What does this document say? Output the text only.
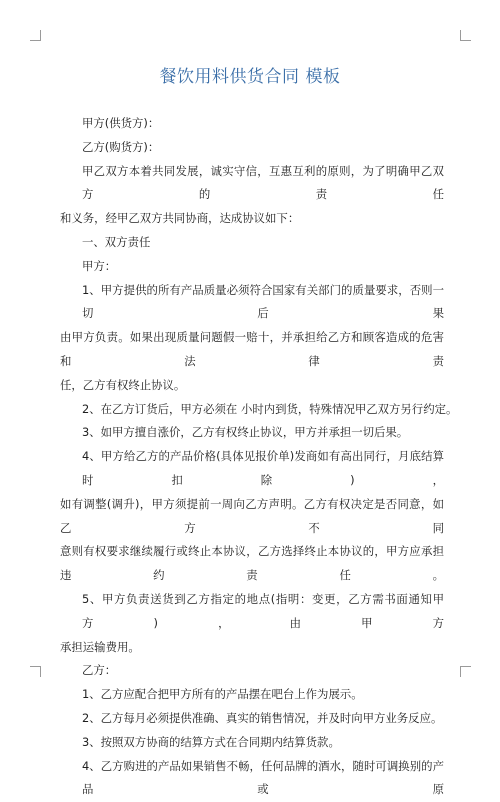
餐饮用料供货合同 模板

甲方(供货方)：

乙方(购货方)：

甲乙双方本着共同发展，诚实守信，互惠互利的原则，为了明确甲乙双方的责任

和义务，经甲乙双方共同协商，达成协议如下：

一、双方责任

甲方：

1、甲方提供的所有产品质量必须符合国家有关部门的质量要求，否则一切后果

由甲方负责。如果出现质量问题假一赔十，并承担给乙方和顾客造成的危害和法律责

任，乙方有权终止协议。

2、在乙方订货后，甲方必须在 小时内到货，特殊情况甲乙双方另行约定。

3、如甲方擅自涨价，乙方有权终止协议，甲方并承担一切后果。

4、甲方给乙方的产品价格(具体见报价单)发商如有高出同行，月底结算时扣除)，

如有调整(调升)，甲方须提前一周向乙方声明。乙方有权决定是否同意，如乙方不同

意则有权要求继续履行或终止本协议，乙方选择终止本协议的，甲方应承担违约责任。

5、甲方负责送货到乙方指定的地点(指明：变更，乙方需书面通知甲方)，由甲方

承担运输费用。

乙方：

1、乙方应配合把甲方所有的产品摆在吧台上作为展示。

2、乙方每月必须提供准确、真实的销售情况，并及时向甲方业务反应。

3、按照双方协商的结算方式在合同期内结算货款。

4、乙方购进的产品如果销售不畅，任何品牌的酒水，随时可调换别的产品或原
